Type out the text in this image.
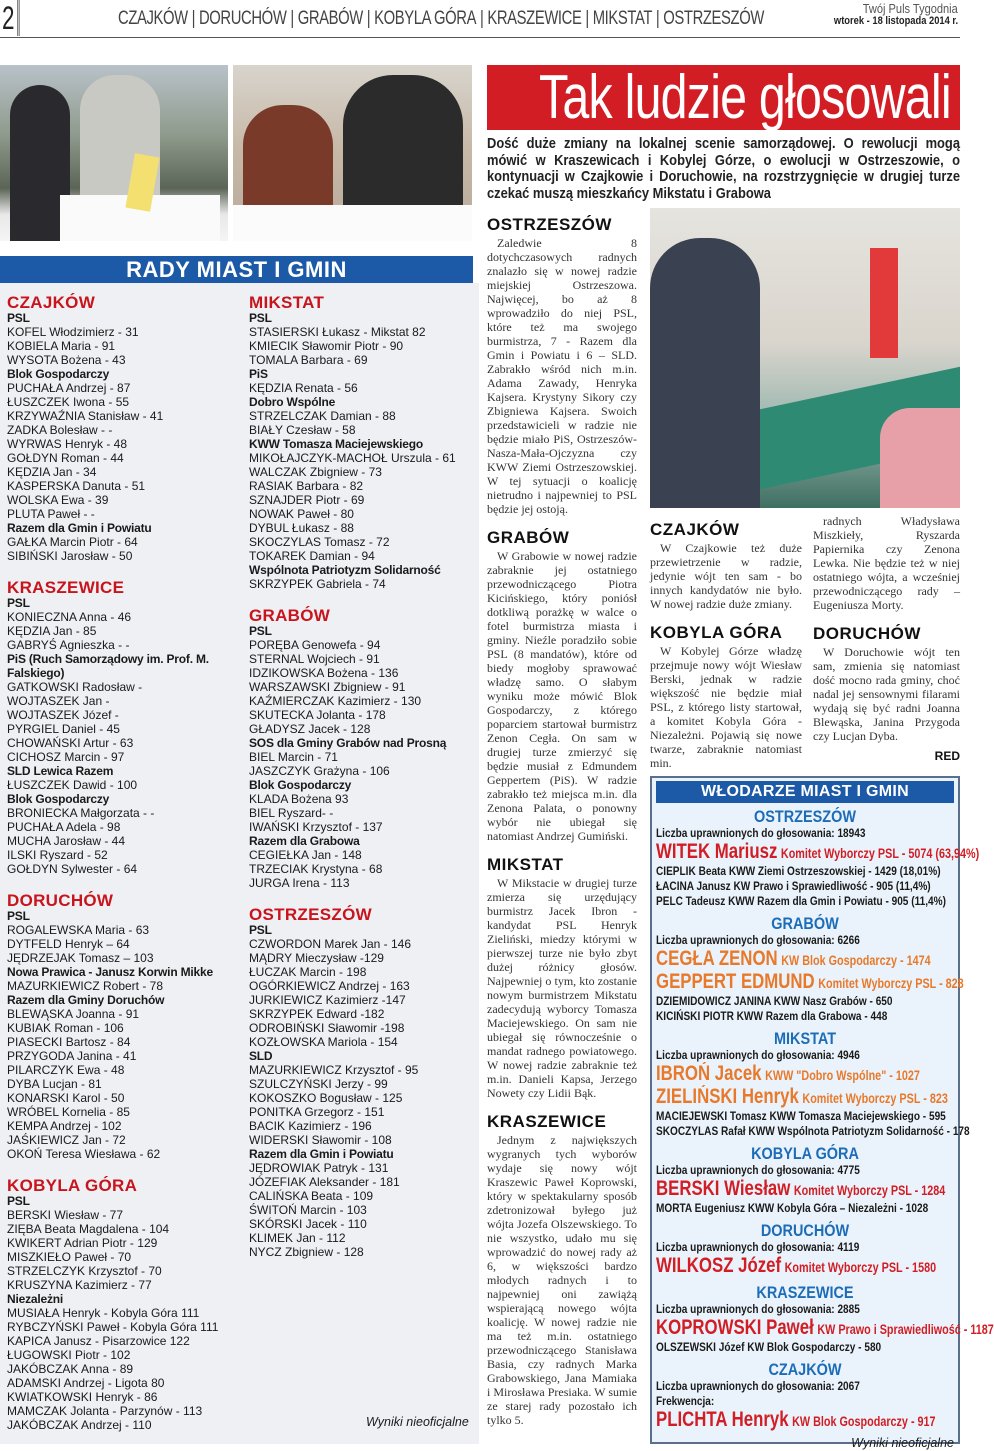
2	CZAJKÓW | DORUCHÓW | GRABÓW | KOBYLA GÓRA | KRASZEWICE | MIKSTAT | OSTRZESZÓW	Twój Puls Tygodnia
wtorek - 18 listopada 2014 r.
Tak ludzie głosowali
Dość duże zmiany na lokalnej scenie samorządowej. O rewolucji mogą mówić w Kraszewicach i Kobylej Górze, o ewolucji w Ostrzeszowie, o kontynuacji w Czajkowie i Doruchowie, na rozstrzygnięcie w drugiej turze czekać muszą mieszkańcy Mikstatu i Grabowa
RADY MIAST I GMIN
CZAJKÓW
PSL
KOFEL Włodzimierz - 31
KOBIELA Maria - 91
WYSOTA Bożena - 43
Blok Gospodarczy
PUCHAŁA Andrzej - 87
ŁUSZCZEK Iwona - 55
KRZYWAŹNIA Stanisław - 41
ZADKA Bolesław - -
WYRWAS Henryk - 48
GOŁDYN Roman - 44
KĘDZIA Jan - 34
KASPERSKA Danuta - 51
WOLSKA Ewa - 39
PLUTA Paweł - -
Razem dla Gmin i Powiatu
GAŁKA Marcin Piotr - 64
SIBIŃSKI Jarosław - 50
KRASZEWICE
PSL
KONIECZNA Anna - 46
KĘDZIA Jan - 85
GABRYŚ Agnieszka - -
PiS (Ruch Samorządowy im. Prof. M. Falskiego)
GATKOWSKI Radosław -
WOJTASZEK Jan -
WOJTASZEK Józef -
PYRGIEL Daniel - 45
CHOWAŃSKI Artur - 63
CICHOSZ Marcin - 97
SLD Lewica Razem
ŁUSZCZEK Dawid - 100
Blok Gospodarczy
BRONIECKA Małgorzata - -
PUCHAŁA Adela - 98
MUCHA Jarosław - 44
ILSKI Ryszard - 52
GOŁDYN Sylwester - 64
DORUCHÓW
PSL
ROGALEWSKA Maria - 63
DYTFELD Henryk – 64
JĘDRZEJAK Tomasz – 103
Nowa Prawica - Janusz Korwin Mikke
MAZURKIEWICZ Robert - 78
Razem dla Gminy Doruchów
BLEWĄSKA Joanna - 91
KUBIAK Roman - 106
PIASECKI Bartosz - 84
PRZYGODA Janina - 41
PILARCZYK Ewa - 48
DYBA Lucjan - 81
KONARSKI Karol - 50
WRÓBEL Kornelia - 85
KEMPA Andrzej - 102
JAŚKIEWICZ Jan - 72
OKOŃ Teresa Wiesława - 62
KOBYLA GÓRA
PSL
BERSKI Wiesław - 77
ZIĘBA Beata Magdalena - 104
KWIKERT Adrian Piotr - 129
MISZKIEŁO Paweł - 70
STRZELCZYK Krzysztof - 70
KRUSZYNA Kazimierz - 77
Niezależni
MUSIAŁA Henryk - Kobyla Góra 111
RYBCZYŃSKI Paweł - Kobyla Góra 111
KAPICA Janusz - Pisarzowice 122
ŁUGOWSKI Piotr - 102
JAKÓBCZAK Anna - 89
ADAMSKI Andrzej - Ligota 80
KWIATKOWSKI Henryk - 86
MAMCZAK Jolanta - Parzynów - 113
JAKÓBCZAK Andrzej - 110
MIKSTAT
PSL
STASIERSKI Łukasz - Mikstat 82
KMIECIK Sławomir Piotr - 90
TOMALA Barbara - 69
PiS
KĘDZIA Renata - 56
Dobro Wspólne
STRZELCZAK Damian - 88
BIAŁY Czesław - 58
KWW Tomasza Maciejewskiego
MIKOŁAJCZYK-MACHOŁ Urszula - 61
WALCZAK Zbigniew - 73
RASIAK Barbara - 82
SZNAJDER Piotr - 69
NOWAK Paweł - 80
DYBUL Łukasz - 88
SKOCZYLAS Tomasz - 72
TOKAREK Damian - 94
Wspólnota Patriotyzm Solidarność
SKRZYPEK Gabriela - 74
GRABÓW
PSL
PORĘBA Genowefa - 94
STERNAL Wojciech - 91
IDZIKOWSKA Bożena - 136
WARSZAWSKI Zbigniew - 91
KAŹMIERCZAK Kazimierz - 130
SKUTECKA Jolanta - 178
GŁADYSZ Jacek - 128
SOS dla Gminy Grabów nad Prosną
BIEL Marcin - 71
JASZCZYK Grażyna - 106
Blok Gospodarczy
KLADA Bożena 93
BIEL Ryszard- -
IWAŃSKI Krzysztof - 137
Razem dla Grabowa
CEGIEŁKA Jan - 148
TRZECIAK Krystyna - 68
JURGA Irena - 113
OSTRZESZÓW
PSL
CZWORDON Marek Jan - 146
MĄDRY Mieczysław -129
ŁUCZAK Marcin - 198
OGÓRKIEWICZ Andrzej - 163
JURKIEWICZ Kazimierz -147
SKRZYPEK Edward -182
ODROBIŃSKI Sławomir -198
KOZŁOWSKA Mariola - 154
SLD
MAZURKIEWICZ Krzysztof - 95
SZULCZYŃSKI Jerzy - 99
KOKOSZKO Bogusław - 125
PONITKA Grzegorz - 151
BACIK Kazimierz - 196
WIDERSKI Sławomir - 108
Razem dla Gmin i Powiatu
JĘDROWIAK Patryk - 131
JÓZEFIAK Aleksander - 181
CALIŃSKA Beata - 109
ŚWITOŃ Marcin - 103
SKÓRSKI Jacek - 110
KLIMEK Jan - 112
NYCZ Zbigniew - 128
Wyniki nieoficjalne
OSTRZESZÓW

Zaledwie 8 dotychczasowych radnych znalazło się w nowej radzie miejskiej Ostrzeszowa. Najwięcej, bo aż 8 wprowadziło do niej PSL, które też ma swojego burmistrza, 7 - Razem dla Gmin i Powiatu i 6 – SLD. Zabrakło wśród nich m.in. Adama Zawady, Henryka Kajsera. Krystyny Sikory czy Zbigniewa Kajsera. Swoich przedstawicieli w radzie nie będzie miało PiS, Ostrzeszów-Nasza-Mała-Ojczyzna czy KWW Ziemi Ostrzeszowskiej. W tej sytuacji o koalicję nietrudno i najpewniej to PSL będzie jej ostoją.

GRABÓW

W Grabowie w nowej radzie zabraknie jej ostatniego przewodniczącego Piotra Kicińskiego, który poniósł dotkliwą porażkę w walce o fotel burmistrza miasta i gminy. Nieźle poradziło sobie PSL (8 mandatów), które od biedy mogłoby sprawować władzę samo. O słabym wyniku może mówić Blok Gospodarczy, z którego poparciem startował burmistrz Zenon Cegła. On sam w drugiej turze zmierzyć się będzie musiał z Edmundem Geppertem (PiS). W radzie zabrakło też miejsca m.in. dla Zenona Palata, o ponowny wybór nie ubiegał się natomiast Andrzej Gumiński.

MIKSTAT

W Mikstacie w drugiej turze zmierza się urzędujący burmistrz Jacek Ibron - kandydat PSL Henryk Zieliński, miedzy którymi w pierwszej turze nie było zbyt dużej różnicy głosów. Najpewniej o tym, kto zostanie nowym burmistrzem Mikstatu zadecydują wyborcy Tomasza Maciejewskiego. On sam nie ubiegał się równocześnie o mandat radnego powiatowego. W nowej radzie zabraknie też m.in. Danieli Kapsa, Jerzego Nowety czy Lidii Bąk.

KRASZEWICE

Jednym z największych wygranych tych wyborów wydaje się nowy wójt Kraszewic Paweł Koprowski, który w spektakularny sposób zdetronizował byłego już wójta Jozefa Olszewskiego. To nie wszystko, udało mu się wprowadzić do nowej rady aż 6, w większości bardzo młodych radnych i to najpewniej oni zawiążą wspierającą nowego wójta koalicję. W nowej radzie nie ma też m.in. ostatniego przewodniczącego Stanisława Basia, czy radnych Marka Grabowskiego, Jana Mamiaka i Mirosława Presiaka. W sumie ze starej rady pozostało ich tylko 5.

CZAJKÓW

W Czajkowie też duże przewietrzenie w radzie, jedynie wójt ten sam - bo innych kandydatów nie było. W nowej radzie duże zmiany.

KOBYLA GÓRA

W Kobylej Górze władzę przejmuje nowy wójt Wiesław Berski, jednak w radzie większość nie będzie miał PSL, z którego listy startował, a komitet Kobyla Góra - Niezależni. Pojawią się nowe twarze, zabraknie natomiast min.

radnych Władysława Miszkieły, Ryszarda Papiernika czy Zenona Lewka. Nie będzie też w niej ostatniego wójta, a wcześniej przewodniczącego rady – Eugeniusza Morty.

DORUCHÓW

W Doruchowie wójt ten sam, zmienia się natomiast dość mocno rada gminy, choć nadal jej sensownymi filarami wydają się być radni Joanna Blewąska, Janina Przygoda czy Lucjan Dyba.

RED
WŁODARZE MIAST I GMIN
OSTRZESZÓW
Liczba uprawnionych do głosowania: 18943
WITEK Mariusz Komitet Wyborczy PSL - 5074 (63,94%)
CIEPLIK Beata KWW Ziemi Ostrzeszowskiej - 1429 (18,01%)
ŁACINA Janusz KW Prawo i Sprawiedliwość - 905 (11,4%)
PELC Tadeusz KWW Razem dla Gmin i Powiatu - 905 (11,4%)
GRABÓW
Liczba uprawnionych do głosowania: 6266
CEGŁA ZENON KW Blok Gospodarczy - 1474
GEPPERT EDMUND Komitet Wyborczy PSL - 828
DZIEMIDOWICZ JANINA KWW Nasz Grabów - 650
KICIŃSKI PIOTR KWW Razem dla Grabowa - 448
MIKSTAT
Liczba uprawnionych do głosowania: 4946
IBROŃ Jacek KWW "Dobro Wspólne" - 1027
ZIELIŃSKI Henryk Komitet Wyborczy PSL - 823
MACIEJEWSKI Tomasz KWW Tomasza Maciejewskiego - 595
SKOCZYLAS Rafał KWW Wspólnota Patriotyzm Solidarność - 178
KOBYLA GÓRA
Liczba uprawnionych do głosowania: 4775
BERSKI Wiesław Komitet Wyborczy PSL - 1284
MORTA Eugeniusz KWW Kobyla Góra – Niezależni - 1028
DORUCHÓW
Liczba uprawnionych do głosowania: 4119
WILKOSZ Józef Komitet Wyborczy PSL - 1580
KRASZEWICE
Liczba uprawnionych do głosowania: 2885
KOPROWSKI Paweł KW Prawo i Sprawiedliwość - 1187
OLSZEWSKI Józef KW Blok Gospodarczy - 580
CZAJKÓW
Liczba uprawnionych do głosowania: 2067
Frekwencja:
PLICHTA Henryk KW Blok Gospodarczy - 917
Wyniki nieoficjalne
